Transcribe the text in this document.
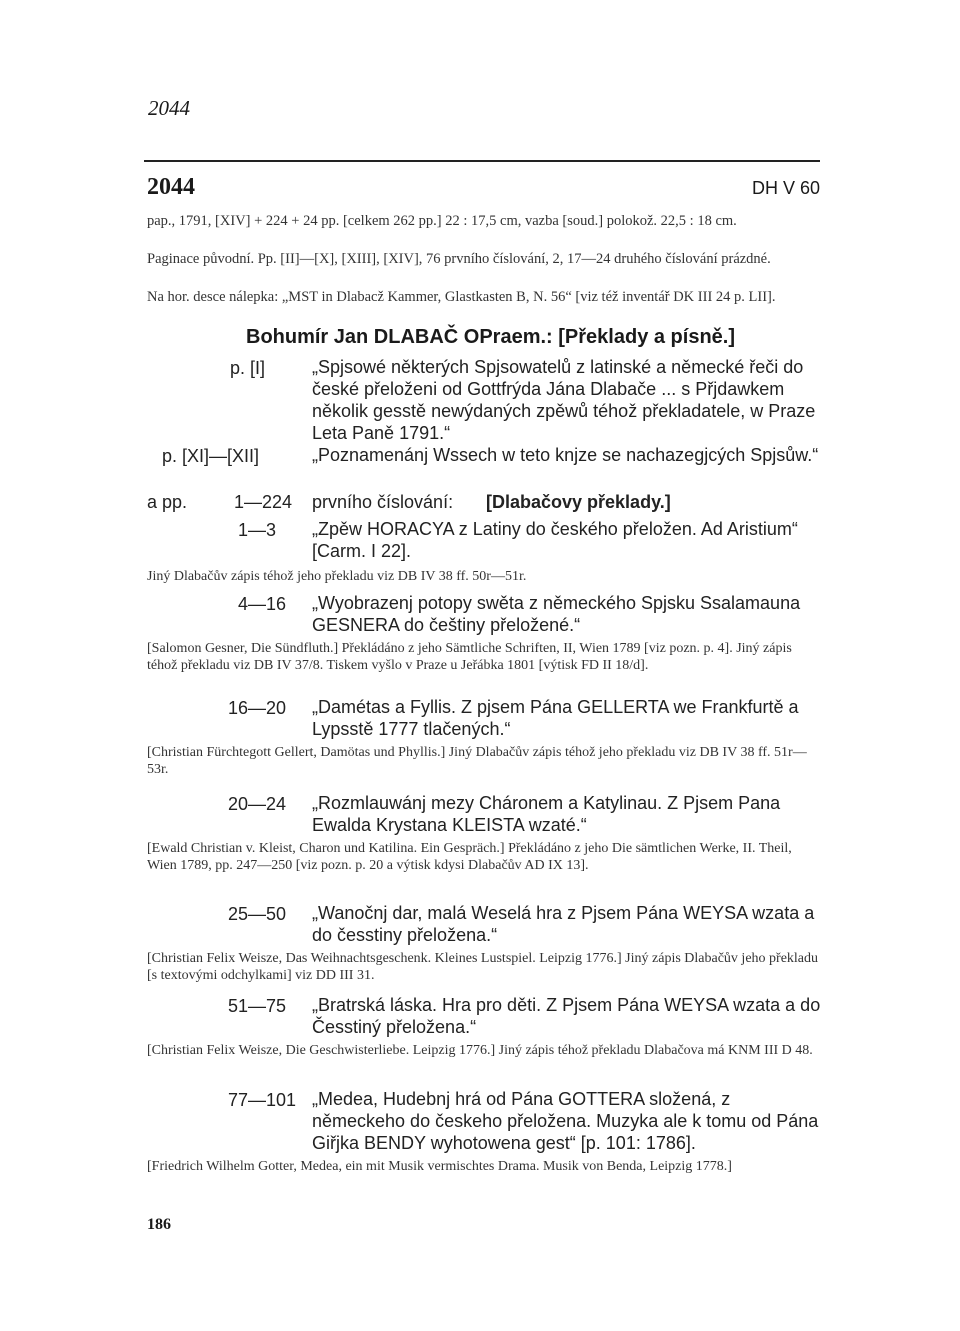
2044
2044	DH V 60
pap., 1791, [XIV] + 224 + 24 pp. [celkem 262 pp.] 22 : 17,5 cm, vazba [soud.] polokož. 22,5 : 18 cm.
Paginace původní. Pp. [II]—[X], [XIII], [XIV], 76 prvního číslování, 2, 17—24 druhého číslování prázdné.
Na hor. desce nálepka: „MST in Dlabacž Kammer, Glastkasten B, N. 56“ [viz též inventář DK III 24 p. LII].
Bohumír Jan DLABAČ OPraem.: [Překlady a písně.]
p. [I]	„Spjsowé některých Spjsowatelů z latinské a německé řeči do české přeloženi od Gottfrýda Jána Dlabače ... s Přjdawkem několik gesstě newýdaných zpěwů téhož překladatele, w Praze Leta Paně 1791.“
p. [XI]—[XII]	„Poznamenánj Wssech w teto knjze se nachazegjcých Spjsůw.“
a pp.	1—224 prvního číslování: [Dlabačovy překlady.]
1—3 „Zpěw HORACYA z Latiny do českého přeložen. Ad Aristium“ [Carm. I 22].
Jiný Dlabačův zápis téhož jeho překladu viz DB IV 38 ff. 50r—51r.
4—16 „Wyobrazenj potopy swěta z německého Spjsku Ssalamauna GESNERA do češtiny přeložené.“
[Salomon Gesner, Die Sündfluth.] Překládáno z jeho Sämtliche Schriften, II, Wien 1789 [viz pozn. p. 4]. Jiný zápis téhož překladu viz DB IV 37/8. Tiskem vyšlo v Praze u Jeřábka 1801 [výtisk FD II 18/d].
16—20 „Damétas a Fyllis. Z pjsem Pána GELLERTA we Frankfurtě a Lypsstě 1777 tlačených.“
[Christian Fürchtegott Gellert, Damötas und Phyllis.] Jiný Dlabačův zápis téhož jeho překladu viz DB IV 38 ff. 51r—53r.
20—24 „Rozmlauwánj mezy Cháronem a Katylinau. Z Pjsem Pana Ewalda Krystana KLEISTA wzaté.“
[Ewald Christian v. Kleist, Charon und Katilina. Ein Gespräch.] Překládáno z jeho Die sämtlichen Werke, II. Theil, Wien 1789, pp. 247—250 [viz pozn. p. 20 a výtisk kdysi Dlabačův AD IX 13].
25—50 „Wanočnj dar, malá Weselá hra z Pjsem Pána WEYSA wzata a do česstiny přeložena.“
[Christian Felix Weisze, Das Weihnachtsgeschenk. Kleines Lustspiel. Leipzig 1776.] Jiný zápis Dlabačův jeho překladu [s textovými odchylkami] viz DD III 31.
51—75 „Bratrská láska. Hra pro děti. Z Pjsem Pána WEYSA wzata a do Česstiný přeložena.“
[Christian Felix Weisze, Die Geschwisterliebe. Leipzig 1776.] Jiný zápis téhož překladu Dlabačova má KNM III D 48.
77—101 „Medea, Hudebnj hrá od Pána GOTTERA složená, z německeho do českeho přeložena. Muzyka ale k tomu od Pána Giřjka BENDY wyhotowena gest“ [p. 101: 1786].
[Friedrich Wilhelm Gotter, Medea, ein mit Musik vermischtes Drama. Musik von Benda, Leipzig 1778.]
186
